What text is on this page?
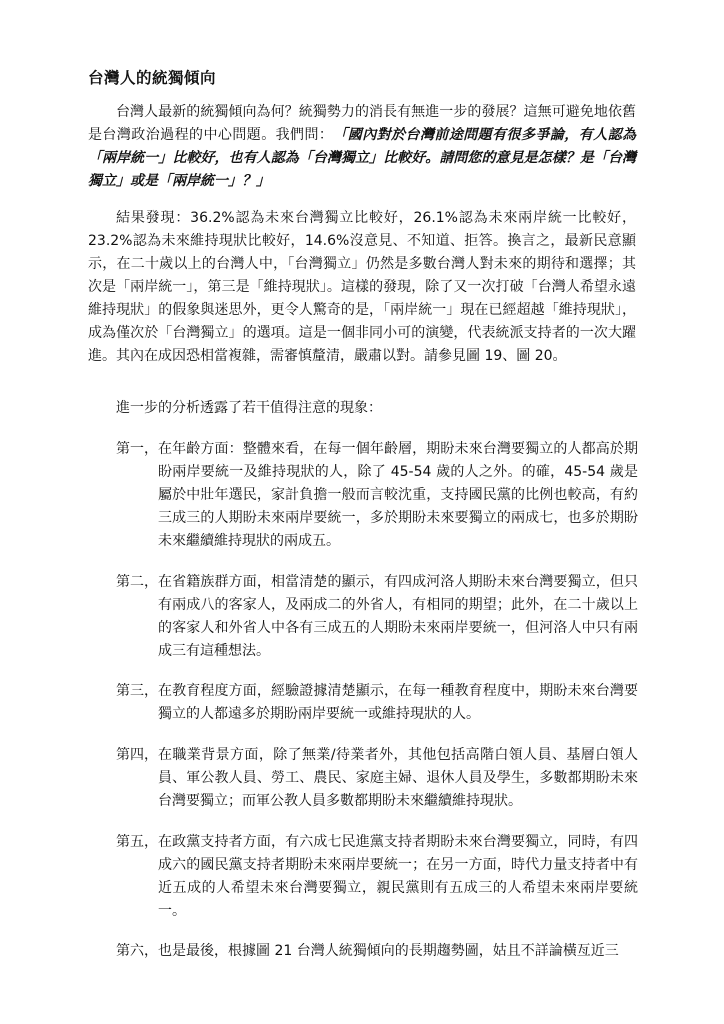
台灣人的統獨傾向

台灣人最新的統獨傾向為何？統獨勢力的消長有無進一步的發展？這無可避免地依舊是台灣政治過程的中心問題。我們問：「國內對於台灣前途問題有很多爭論，有人認為「兩岸統一」比較好，也有人認為「台灣獨立」比較好。請問您的意見是怎樣？是「台灣獨立」或是「兩岸統一」？」

結果發現：36.2%認為未來台灣獨立比較好，26.1%認為未來兩岸統一比較好，23.2%認為未來維持現狀比較好，14.6%沒意見、不知道、拒答。換言之，最新民意顯示，在二十歲以上的台灣人中，「台灣獨立」仍然是多數台灣人對未來的期待和選擇；其次是「兩岸統一」，第三是「維持現狀」。這樣的發現，除了又一次打破「台灣人希望永遠維持現狀」的假象與迷思外，更令人驚奇的是，「兩岸統一」現在已經超越「維持現狀」，成為僅次於「台灣獨立」的選項。這是一個非同小可的演變，代表統派支持者的一次大躍進。其內在成因恐相當複雜，需審慎釐清，嚴肅以對。請參見圖 19、圖 20。

進一步的分析透露了若干值得注意的現象：

第一， 在年齡方面：整體來看，在每一個年齡層，期盼未來台灣要獨立的人都高於期盼兩岸要統一及維持現狀的人，除了 45-54 歲的人之外。的確，45-54 歲是屬於中壯年選民，家計負擔一般而言較沈重，支持國民黨的比例也較高，有約三成三的人期盼未來兩岸要統一，多於期盼未來要獨立的兩成七，也多於期盼未來繼續維持現狀的兩成五。
第二， 在省籍族群方面，相當清楚的顯示，有四成河洛人期盼未來台灣要獨立，但只有兩成八的客家人，及兩成二的外省人，有相同的期望；此外，在二十歲以上的客家人和外省人中各有三成五的人期盼未來兩岸要統一，但河洛人中只有兩成三有這種想法。
第三， 在教育程度方面，經驗證據清楚顯示，在每一種教育程度中，期盼未來台灣要獨立的人都遠多於期盼兩岸要統一或維持現狀的人。
第四， 在職業背景方面，除了無業/待業者外，其他包括高階白領人員、基層白領人員、軍公教人員、勞工、農民、家庭主婦、退休人員及學生，多數都期盼未來台灣要獨立；而軍公教人員多數都期盼未來繼續維持現狀。
第五， 在政黨支持者方面，有六成七民進黨支持者期盼未來台灣要獨立，同時，有四成六的國民黨支持者期盼未來兩岸要統一；在另一方面，時代力量支持者中有近五成的人希望未來台灣要獨立，親民黨則有五成三的人希望未來兩岸要統一。
第六， 也是最後，根據圖 21 台灣人統獨傾向的長期趨勢圖，姑且不詳論橫亙近三
